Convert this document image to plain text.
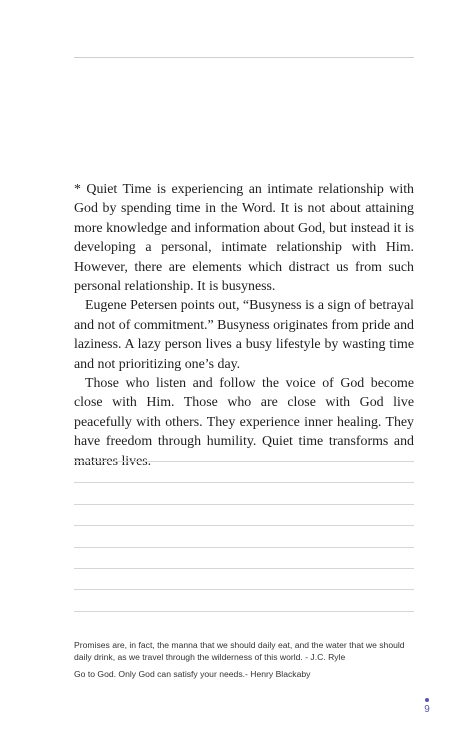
* Quiet Time is experiencing an intimate relationship with God by spending time in the Word. It is not about attaining more knowledge and information about God, but instead it is developing a personal, intimate relationship with Him. However, there are elements which distract us from such personal relationship. It is busyness.

Eugene Petersen points out, “Busyness is a sign of betrayal and not of commitment.” Busyness originates from pride and laziness. A lazy person lives a busy lifestyle by wasting time and not prioritizing one’s day.

Those who listen and follow the voice of God become close with Him. Those who are close with God live peacefully with others. They experience inner healing. They have freedom through humility. Quiet time transforms and matures lives.

Promises are, in fact, the manna that we should daily eat, and the water that we should daily drink, as we travel through the wilderness of this world. - J.C. Ryle

Go to God. Only God can satisfy your needs.- Henry Blackaby

9
